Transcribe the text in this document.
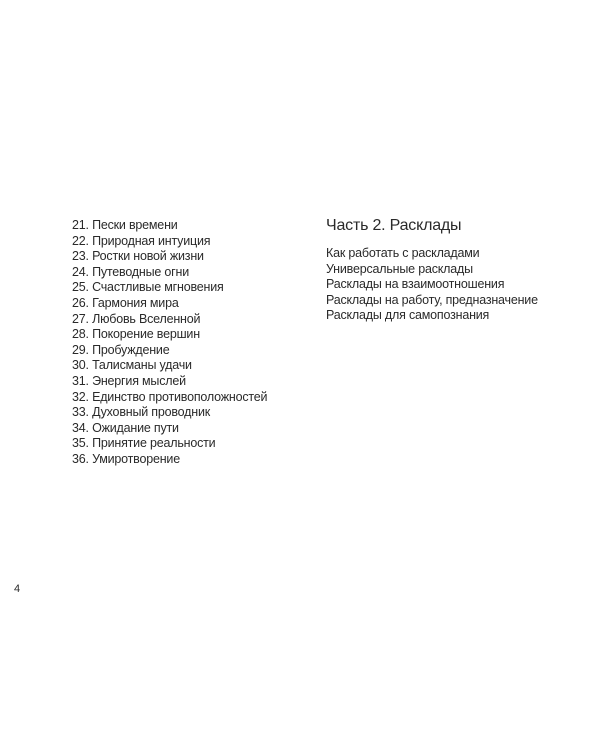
21. Пески времени
22. Природная интуиция
23. Ростки новой жизни
24. Путеводные огни
25. Счастливые мгновения
26. Гармония мира
27. Любовь Вселенной
28. Покорение вершин
29. Пробуждение
30. Талисманы удачи
31. Энергия мыслей
32. Единство противоположностей
33. Духовный проводник
34. Ожидание пути
35. Принятие реальности
36. Умиротворение
Часть 2. Расклады
Как работать с раскладами
Универсальные расклады
Расклады на взаимоотношения
Расклады на работу, предназначение
Расклады для самопознания
4
